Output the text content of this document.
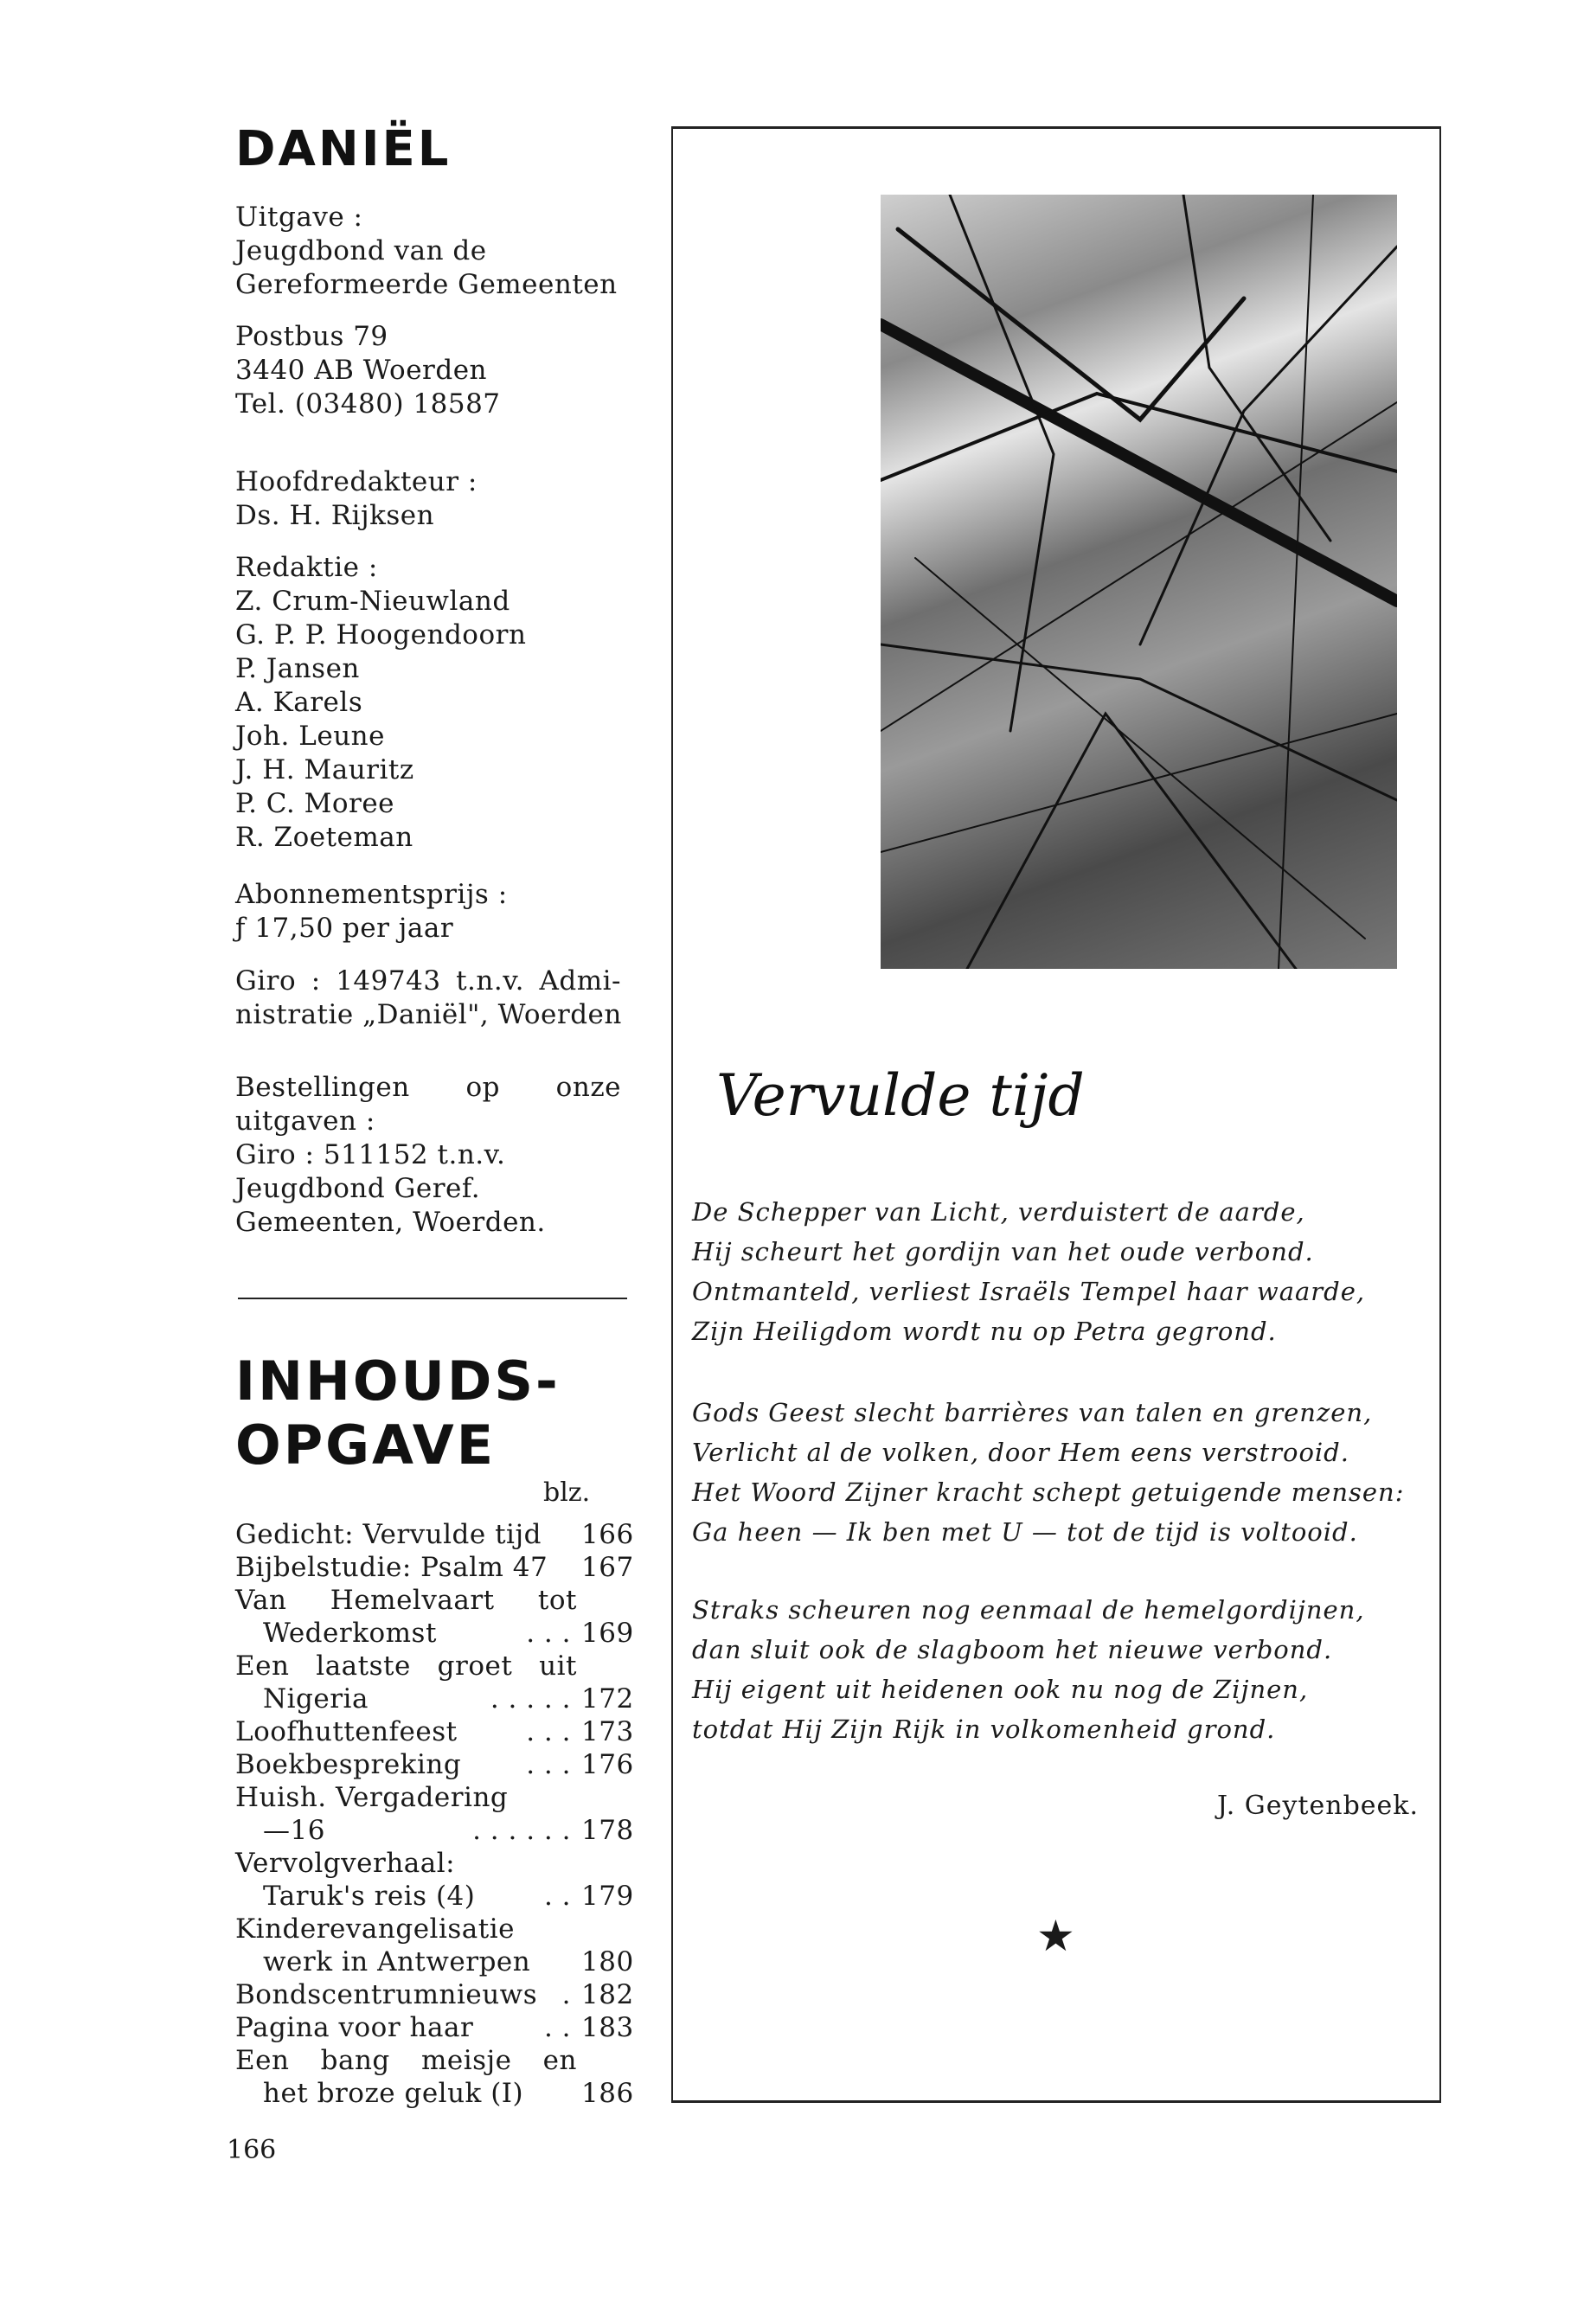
DANIËL
Uitgave :
Jeugdbond van de
Gereformeerde Gemeenten
Postbus 79
3440 AB Woerden
Tel. (03480) 18587
Hoofdredakteur :
Ds. H. Rijksen
Redaktie :
Z. Crum-Nieuwland
G. P. P. Hoogendoorn
P. Jansen
A. Karels
Joh. Leune
J. H. Mauritz
P. C. Moree
R. Zoeteman
Abonnementsprijs :
ƒ 17,50 per jaar
Giro : 149743 t.n.v. Admi-
nistratie „Daniël", Woerden
Bestellingen op onze
uitgaven :
Giro : 511152 t.n.v.
Jeugdbond Geref.
Gemeenten, Woerden.
INHOUDS-
OPGAVE
blz.
Gedicht: Vervulde tijd 166
Bijbelstudie: Psalm 47 167
Van Hemelvaart tot
Wederkomst	. . . 169
Een laatste groet uit
Nigeria	. . . . . 172
Loofhuttenfeest	. . . 173
Boekbespreking . . . 176
Huish. Vergadering
—16	. . . . . . 178
Vervolgverhaal:
Taruk's reis (4)	. . 179
Kinderevangelisatie
werk in Antwerpen 180
Bondscentrumnieuws . 182
Pagina voor haar	. . 183
Een bang meisje en
het broze geluk (I) 186
166
Vervulde tijd
De Schepper van Licht, verduistert de aarde,
Hij scheurt het gordijn van het oude verbond.
Ontmanteld, verliest Israëls Tempel haar waarde,
Zijn Heiligdom wordt nu op Petra gegrond.
Gods Geest slecht barrières van talen en grenzen,
Verlicht al de volken, door Hem eens verstrooid.
Het Woord Zijner kracht schept getuigende mensen:
Ga heen — Ik ben met U — tot de tijd is voltooid.
Straks scheuren nog eenmaal de hemelgordijnen,
dan sluit ook de slagboom het nieuwe verbond.
Hij eigent uit heidenen ook nu nog de Zijnen,
totdat Hij Zijn Rijk in volkomenheid grond.
J. Geytenbeek.
★
